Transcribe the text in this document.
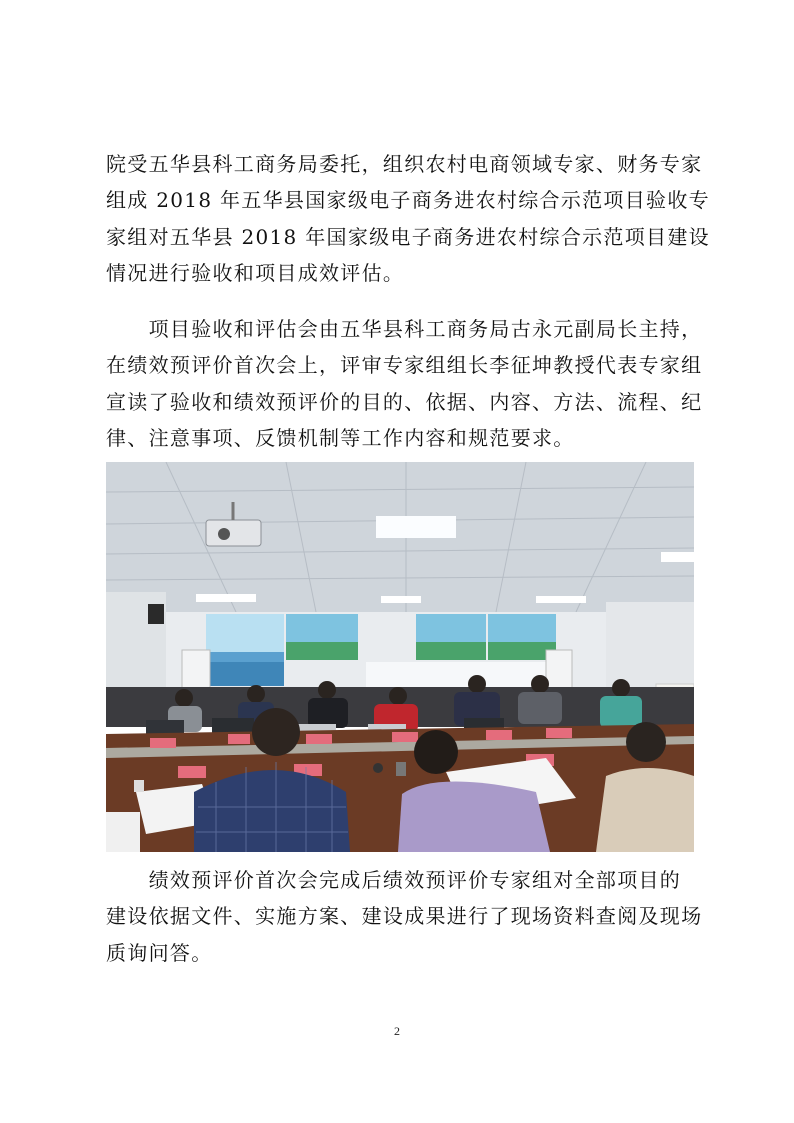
院受五华县科工商务局委托，组织农村电商领域专家、财务专家
组成 2018 年五华县国家级电子商务进农村综合示范项目验收专
家组对五华县 2018 年国家级电子商务进农村综合示范项目建设
情况进行验收和项目成效评估。
　　项目验收和评估会由五华县科工商务局古永元副局长主持，
在绩效预评价首次会上，评审专家组组长李征坤教授代表专家组
宣读了验收和绩效预评价的目的、依据、内容、方法、流程、纪
律、注意事项、反馈机制等工作内容和规范要求。
　　绩效预评价首次会完成后绩效预评价专家组对全部项目的
建设依据文件、实施方案、建设成果进行了现场资料查阅及现场
质询问答。
2
